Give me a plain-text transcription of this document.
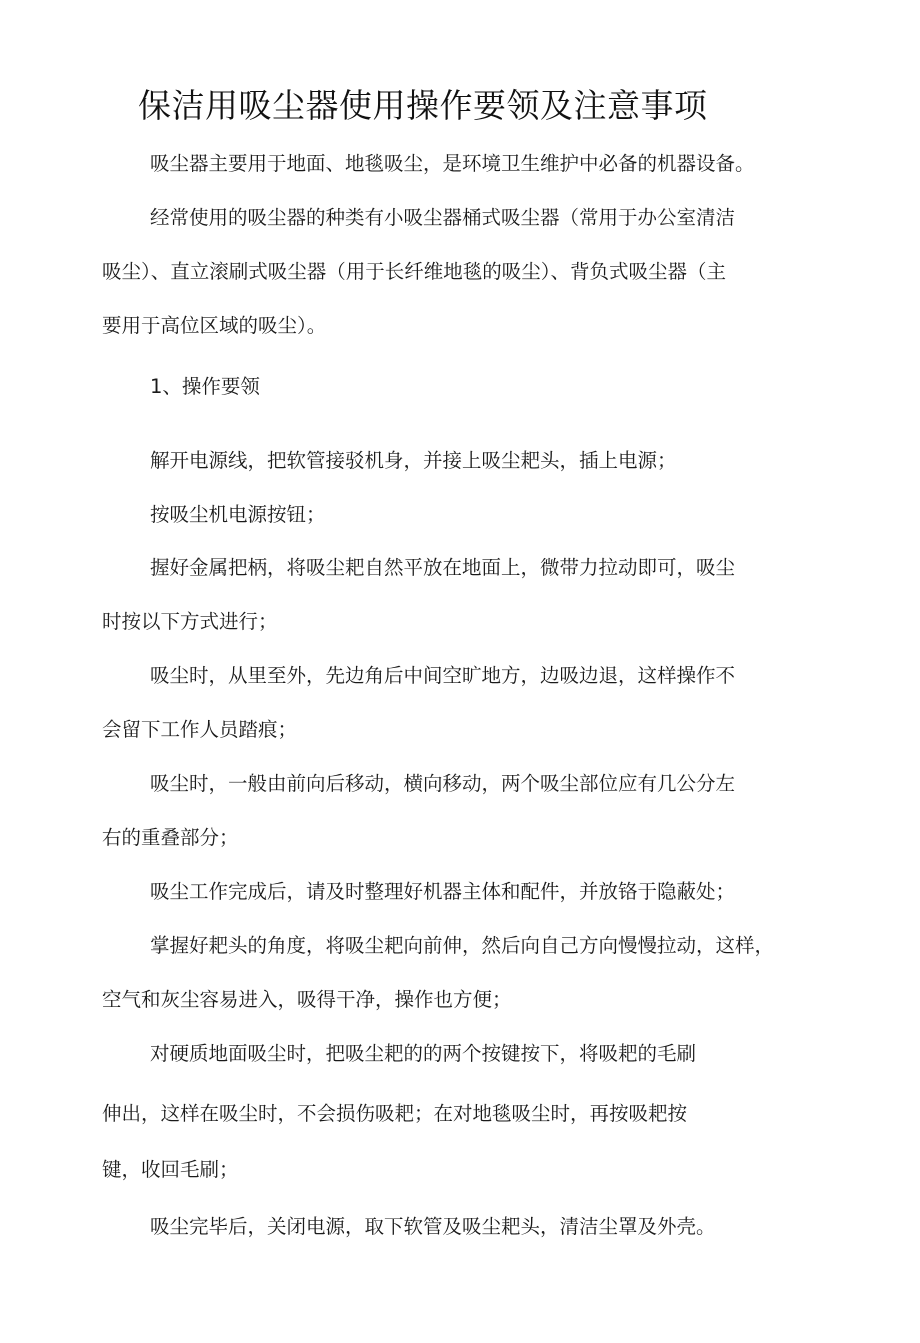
保洁用吸尘器使用操作要领及注意事项
吸尘器主要用于地面、地毯吸尘，是环境卫生维护中必备的机器设备。
经常使用的吸尘器的种类有小吸尘器桶式吸尘器（常用于办公室清洁
吸尘）、直立滚刷式吸尘器（用于长纤维地毯的吸尘）、背负式吸尘器（主
要用于高位区域的吸尘）。
1、操作要领
解开电源线，把软管接驳机身，并接上吸尘耙头，插上电源；
按吸尘机电源按钮；
握好金属把柄，将吸尘耙自然平放在地面上，微带力拉动即可，吸尘
时按以下方式进行；
吸尘时，从里至外，先边角后中间空旷地方，边吸边退，这样操作不
会留下工作人员踏痕；
吸尘时，一般由前向后移动，横向移动，两个吸尘部位应有几公分左
右的重叠部分；
吸尘工作完成后，请及时整理好机器主体和配件，并放铬于隐蔽处；
掌握好耙头的角度，将吸尘耙向前伸，然后向自己方向慢慢拉动，这样，
空气和灰尘容易进入，吸得干净，操作也方便；
对硬质地面吸尘时，把吸尘耙的的两个按键按下，将吸耙的毛刷
伸出，这样在吸尘时，不会损伤吸耙；在对地毯吸尘时，再按吸耙按
键，收回毛刷；
吸尘完毕后，关闭电源，取下软管及吸尘耙头，清洁尘罩及外壳。
